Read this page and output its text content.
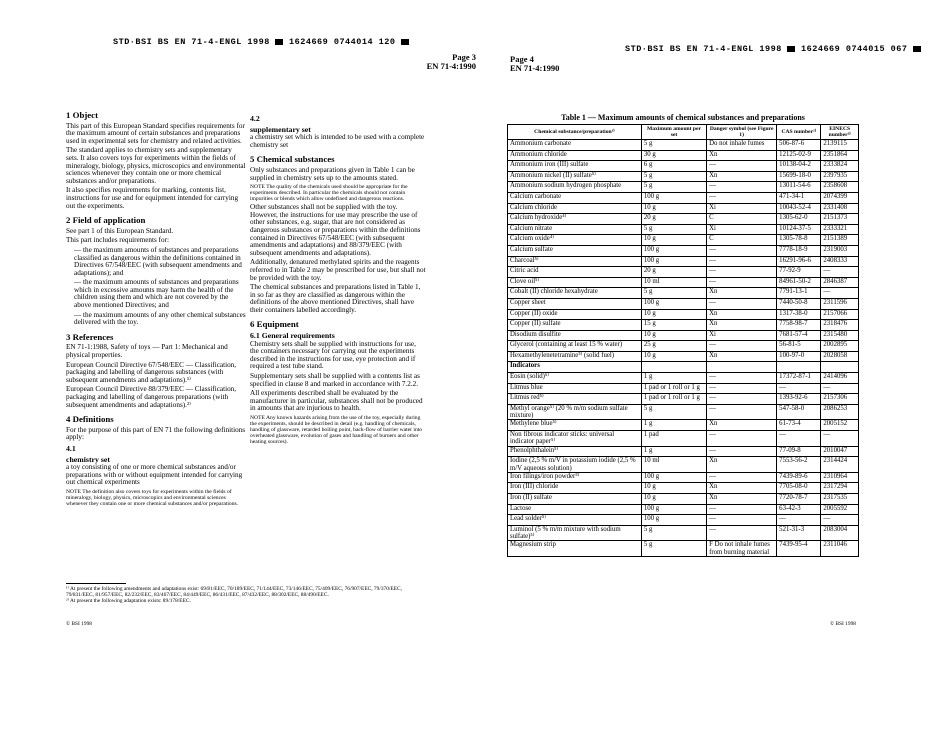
STD·BSI BS EN 71-4-ENGL 1998 1624669 0744014 120
STD·BSI BS EN 71-4-ENGL 1998 1624669 0744015 067
Page 3
EN 71-4:1990
Page 4
EN 71-4:1990

1 Object

This part of this European Standard specifies requirements for the maximum amount of certain substances and preparations used in experimental sets for chemistry and related activities.

The standard applies to chemistry sets and supplementary sets. It also covers toys for experiments within the fields of mineralogy, biology, physics, microscopics and environmental sciences whenever they contain one or more chemical substances and/or preparations.

It also specifies requirements for marking, contents list, instructions for use and for equipment intended for carrying out the experiments.

2 Field of application

See part 1 of this European Standard.

This part includes requirements for:

— the maximum amounts of substances and preparations classified as dangerous within the definitions contained in Directives 67/548/EEC (with subsequent amendments and adaptations); and

— the maximum amounts of substances and preparations which in excessive amounts may harm the health of the children using them and which are not covered by the above mentioned Directives; and

— the maximum amounts of any other chemical substances delivered with the toy.

3 References

EN 71-1:1988, Safety of toys — Part 1: Mechanical and physical properties.

European Council Directive 67/548/EEC — Classification, packaging and labelling of dangerous substances (with subsequent amendments and adaptations).¹⁾

European Council Directive 88/379/EEC — Classification, packaging and labelling of dangerous preparations (with subsequent amendments and adaptations).²⁾

4 Definitions

For the purpose of this part of EN 71 the following definitions apply:

4.1

chemistry set

a toy consisting of one or more chemical substances and/or preparations with or without equipment intended for carrying out chemical experiments

NOTE The definition also covers toys for experiments within the fields of mineralogy, biology, physics, microscopics and environmental sciences whenever they contain one or more chemical substances and/or preparations.

4.2

supplementary set

a chemistry set which is intended to be used with a complete chemistry set

5 Chemical substances

Only substances and preparations given in Table 1 can be supplied in chemistry sets up to the amounts stated.

NOTE The quality of the chemicals used should be appropriate for the experiments described. In particular the chemicals should not contain impurities or blends which allow undefined and dangerous reactions.

Other substances shall not be supplied with the toy. However, the instructions for use may prescribe the use of other substances, e.g. sugar, that are not considered as dangerous substances or preparations within the definitions contained in Directives 67/548/EEC (with subsequent amendments and adaptations) and 88/379/EEC (with subsequent amendments and adaptations).

Additionally, denatured methylated spirits and the reagents referred to in Table 2 may be prescribed for use, but shall not be provided with the toy.

The chemical substances and preparations listed in Table 1, in so far as they are classified as dangerous within the definitions of the above mentioned Directives, shall have their containers labelled accordingly.

6 Equipment

6.1 General requirements

Chemistry sets shall be supplied with instructions for use, the containers necessary for carrying out the experiments described in the instructions for use, eye protection and if required a test tube stand.

Supplementary sets shall be supplied with a contents list as specified in clause 8 and marked in accordance with 7.2.2.

All experiments described shall be evaluated by the manufacturer in particular, substances shall not be produced in amounts that are injurious to health.

NOTE Any known hazards arising from the use of the toy, especially during the experiments, should be described in detail (e.g. handling of chemicals, handling of glassware, retarded boiling point, back-flow of barrier water into overheated glassware, evolution of gases and handling of burners and other heating sources).

¹⁾ At present the following amendments and adaptations exist: 69/81/EEC, 70/189/EEC, 71/144/EEC, 73/146/EEC, 75/409/EEC, 76/907/EEC, 79/370/EEC, 79/831/EEC, 81/957/EEC, 82/232/EEC, 83/467/EEC, 84/449/EEC, 86/431/EEC, 87/432/EEC, 88/302/EEC, 88/490/EEC.
²⁾ At present the following adaptation exists: 89/178/EEC.
© BSI 1998	© BSI 1998
Table 1 — Maximum amounts of chemical substances and preparations
Chemical substance/preparation¹⁾	Maximum amount per set	Danger symbol (see Figure 1)	CAS number²⁾	EINECS number³⁾
Ammonium carbonate	5 g	Do not inhale fumes	506-87-6	2139115
Ammonium chloride	30 g	Xn	12125-02-9	2351864
Ammonium iron (III) sulfate	6 g	—	10138-04-2	2333824
Ammonium nickel (II) sulfate⁵⁾	5 g	Xn	15699-18-0	2397935
Ammonium sodium hydrogen phosphate	5 g	—	13011-54-6	2358608
Calcium carbonate	100 g	—	471-34-1	2074399
Calcium chloride	10 g	Xi	10043-52-4	2331408
Calcium hydroxide⁴⁾	20 g	C	1305-62-0	2151373
Calcium nitrate	5 g	Xi	10124-37-5	2333321
Calcium oxide⁴⁾	10 g	C	1305-78-8	2151389
Calcium sulfate	100 g	—	7778-18-9	2319003
Charcoal⁵⁾	100 g	—	16291-96-6	2408333
Citric acid	20 g	—	77-92-9	—
Clove oil⁵⁾	10 ml	—	84961-50-2	2846387
Cobalt (II) chloride hexahydrate	5 g	Xn	7791-13-1	—
Copper sheet	100 g	—	7440-50-8	2311596
Copper (II) oxide	10 g	Xn	1317-38-0	2157066
Copper (II) sulfate	15 g	Xn	7758-98-7	2318476
Disodium disulfite	10 g	Xi	7681-57-4	2315480
Glycerol (containing at least 15 % water)	25 g	—	56-81-5	2002895
Hexamethylenetetramine⁵⁾ (solid fuel)	10 g	Xn	100-97-0	2028058
Indicators				
Eosin (solid)⁵⁾	1 g	—	17372-87-1	2414096
Litmus blue	1 pad or 1 roll or 1 g	—	—	—
Litmus red⁵⁾	1 pad or 1 roll or 1 g	—	1393-92-6	2157306
Methyl orange⁵⁾ (20 % m/m sodium sulfate mixture)	5 g	—	547-58-0	2086253
Methylene blue⁵⁾	1 g	Xn	61-73-4	2005152
Non fibrous indicator sticks: universal indicator paper⁵⁾	1 pad	—	—	—
Phenolphthalein⁵⁾	1 g	—	77-09-8	2010047
Iodine (2,5 % m/V in potassium iodide (2,5 % m/V aqueous solution)	10 ml	Xn	7553-56-2	2314424
Iron filings/iron powder⁵⁾	100 g	—	7439-89-6	2310964
Iron (III) chloride	10 g	Xn	7705-08-0	2317294
Iron (II) sulfate	10 g	Xn	7720-78-7	2317535
Lactose	100 g	—	63-42-3	2005592
Lead solder⁵⁾	100 g	—	—	—
Luminol (5 % m/m mixture with sodium sulfate)⁵⁾	5 g	—	521-31-3	2083004
Magnesium strip	5 g	F Do not inhale fumes from burning material	7439-95-4	2311046
